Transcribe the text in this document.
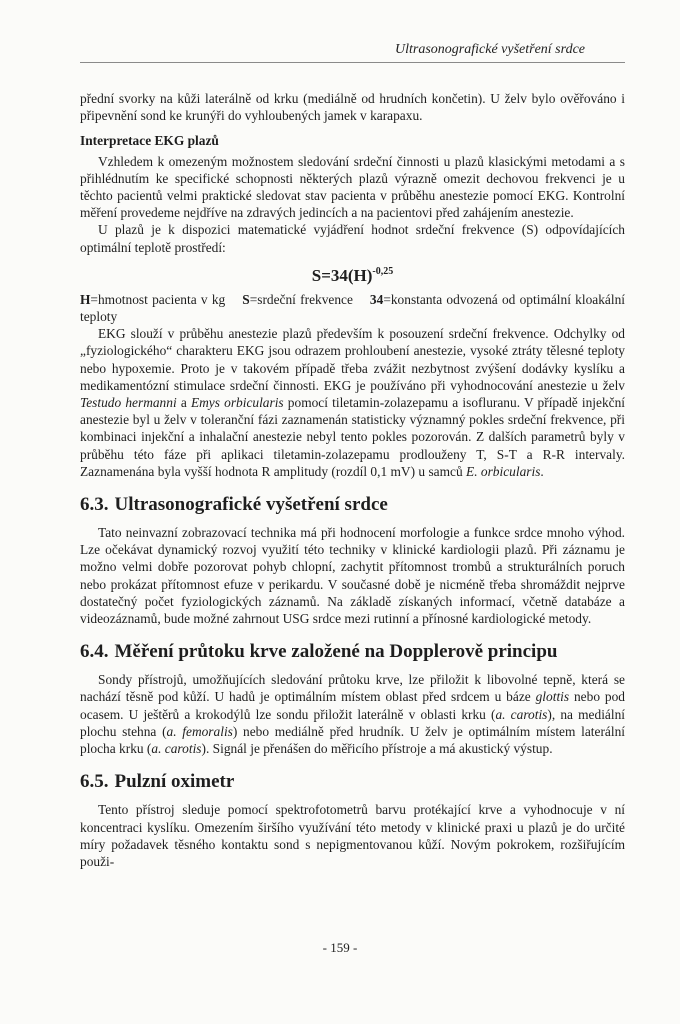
Ultrasonografické vyšetření srdce

přední svorky na kůži laterálně od krku (mediálně od hrudních končetin). U želv bylo ověřováno i připevnění sond ke krunýři do vyhloubených jamek v karapaxu.

Interpretace EKG plazů

Vzhledem k omezeným možnostem sledování srdeční činnosti u plazů klasickými metodami a s přihlédnutím ke specifické schopnosti některých plazů výrazně omezit dechovou frekvenci je u těchto pacientů velmi praktické sledovat stav pacienta v průběhu anestezie pomocí EKG. Kontrolní měření provedeme nejdříve na zdravých jedincích a na pacientovi před zahájením anestezie.

U plazů je k dispozici matematické vyjádření hodnot srdeční frekvence (S) odpovídajících optimální teplotě prostředí:

$S=34(H)^{-0,25}$

H=hmotnost pacienta v kg S=srdeční frekvence 34=konstanta odvozená od optimální kloakální teploty

EKG slouží v průběhu anestezie plazů především k posouzení srdeční frekvence. Odchylky od „fyziologického“ charakteru EKG jsou odrazem prohloubení anestezie, vysoké ztráty tělesné teploty nebo hypoxemie. Proto je v takovém případě třeba zvážit nezbytnost zvýšení dodávky kyslíku a medikamentózní stimulace srdeční činnosti. EKG je používáno při vyhodnocování anestezie u želv Testudo hermanni a Emys orbicularis pomocí tiletamin-zolazepamu a isofluranu. V případě injekční anestezie byl u želv v toleranční fázi zaznamenán statisticky významný pokles srdeční frekvence, při kombinaci injekční a inhalační anestezie nebyl tento pokles pozorován. Z dalších parametrů byly v průběhu této fáze při aplikaci tiletamin-zolazepamu prodlouženy T, S-T a R-R intervaly. Zaznamenána byla vyšší hodnota R amplitudy (rozdíl 0,1 mV) u samců E. orbicularis.

6.3. Ultrasonografické vyšetření srdce

Tato neinvazní zobrazovací technika má při hodnocení morfologie a funkce srdce mnoho výhod. Lze očekávat dynamický rozvoj využití této techniky v klinické kardiologii plazů. Při záznamu je možno velmi dobře pozorovat pohyb chlopní, zachytit přítomnost trombů a strukturálních poruch nebo prokázat přítomnost efuze v perikardu. V současné době je nicméně třeba shromáždit nejprve dostatečný počet fyziologických záznamů. Na základě získaných informací, včetně databáze a videozáznamů, bude možné zahrnout USG srdce mezi rutinní a přínosné kardiologické metody.

6.4. Měření průtoku krve založené na Dopplerově principu

Sondy přístrojů, umožňujících sledování průtoku krve, lze přiložit k libovolné tepně, která se nachází těsně pod kůží. U hadů je optimálním místem oblast před srdcem u báze glottis nebo pod ocasem. U ještěrů a krokodýlů lze sondu přiložit laterálně v oblasti krku (a. carotis), na mediální plochu stehna (a. femoralis) nebo mediálně před hrudník. U želv je optimálním místem laterální plocha krku (a. carotis). Signál je přenášen do měřicího přístroje a má akustický výstup.

6.5. Pulzní oximetr

Tento přístroj sleduje pomocí spektrofotometrů barvu protékající krve a vyhodnocuje v ní koncentraci kyslíku. Omezením širšího využívání této metody v klinické praxi u plazů je do určité míry požadavek těsného kontaktu sond s nepigmentovanou kůží. Novým pokrokem, rozšiřujícím použi-

- 159 -
